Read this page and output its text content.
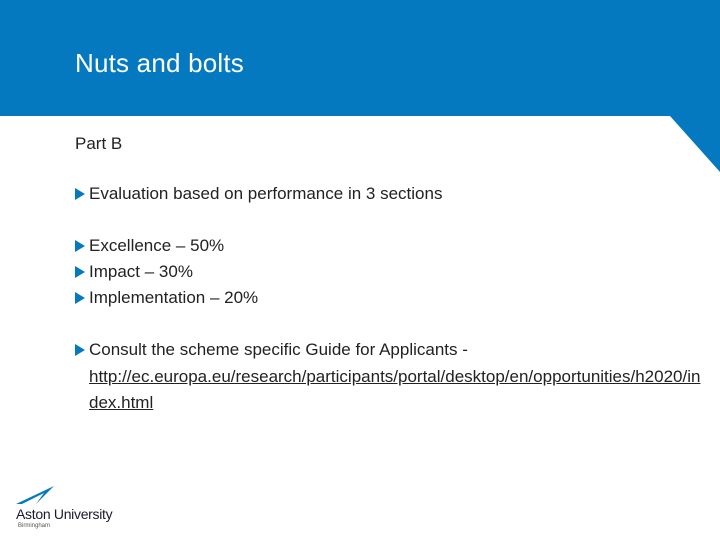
Nuts and bolts
Part B
Evaluation based on performance in 3 sections
Excellence – 50%
Impact – 30%
Implementation – 20%
Consult the scheme specific Guide for Applicants -
http://ec.europa.eu/research/participants/portal/desktop/en/opportunities/h2020/index.html
Aston University
Birmingham
